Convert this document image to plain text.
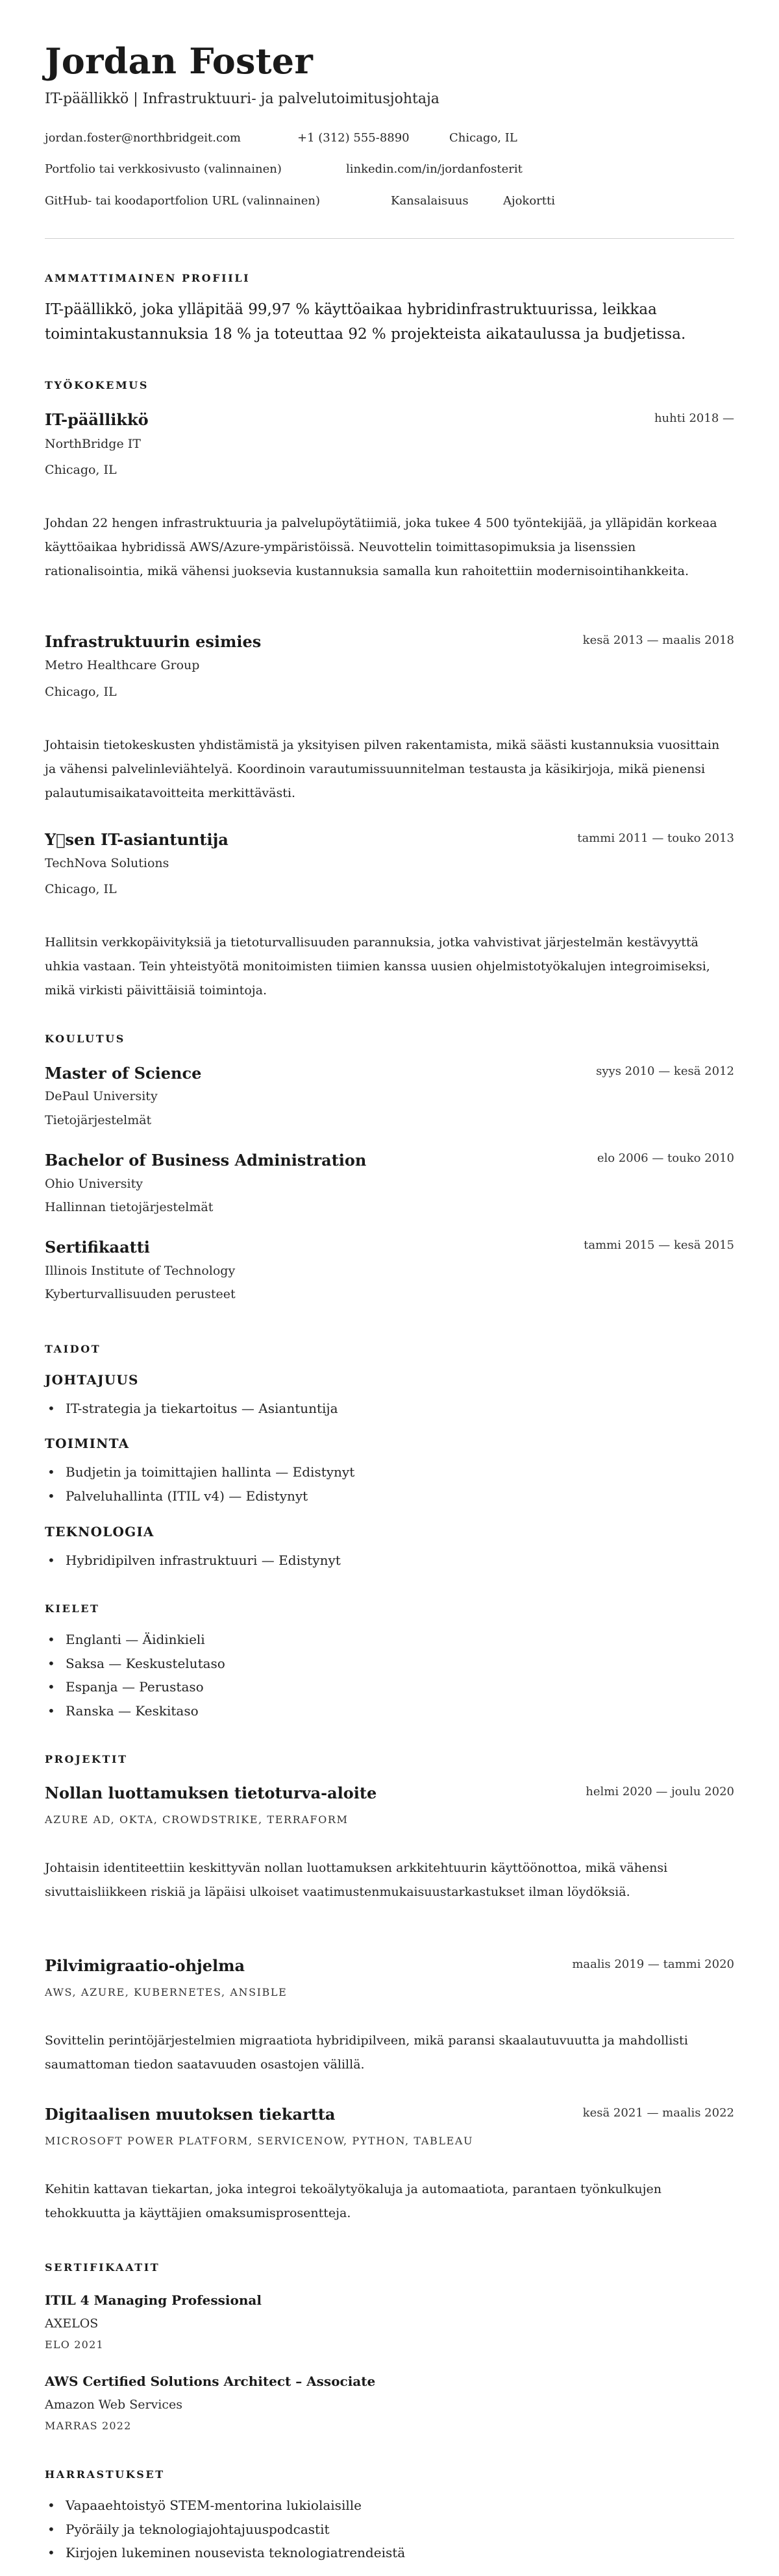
Jordan Foster
IT-päällikkö | Infrastruktuuri- ja palvelutoimitusjohtaja
jordan.foster@northbridgeit.com	+1 (312) 555-8890	Chicago, IL
Portfolio tai verkkosivusto (valinnainen)	linkedin.com/in/jordanfosterit
GitHub- tai koodaportfolion URL (valinnainen)	Kansalaisuus	Ajokortti
AMMATTIMAINEN PROFIILI
IT-päällikkö, joka ylläpitää 99,97 % käyttöaikaa hybridinfrastruktuurissa, leikkaa toimintakustannuksia 18 % ja toteuttaa 92 % projekteista aikataulussa ja budjetissa.
TYÖKOKEMUS
IT-päällikkö	huhti 2018 —
NorthBridge IT
Chicago, IL
Johdan 22 hengen infrastruktuuria ja palvelupöytätiimiä, joka tukee 4 500 työntekijää, ja ylläpidän korkeaa käyttöaikaa hybridissä AWS/Azure-ympäristöissä. Neuvottelin toimittasopimuksia ja lisenssien rationalisointia, mikä vähensi juoksevia kustannuksia samalla kun rahoitettiin modernisointihankkeita.
Infrastruktuurin esimies	kesä 2013 — maalis 2018
Metro Healthcare Group
Chicago, IL
Johtaisin tietokeskusten yhdistämistä ja yksityisen pilven rakentamista, mikä säästi kustannuksia vuosittain ja vähensi palvelinleviähtelyä. Koordinoin varautumissuunnitelman testausta ja käsikirjoja, mikä pienensi palautumisaikatavoitteita merkittävästi.
Y sen IT-asiantuntija	tammi 2011 — touko 2013
TechNova Solutions
Chicago, IL
Hallitsin verkkopäivityksiä ja tietoturvallisuuden parannuksia, jotka vahvistivat järjestelmän kestävyyttä uhkia vastaan. Tein yhteistyötä monitoimisten tiimien kanssa uusien ohjelmistotyökalujen integroimiseksi, mikä virkisti päivittäisiä toimintoja.
KOULUTUS
Master of Science	syys 2010 — kesä 2012
DePaul University
Tietojärjestelmät
Bachelor of Business Administration	elo 2006 — touko 2010
Ohio University
Hallinnan tietojärjestelmät
Sertifikaatti	tammi 2015 — kesä 2015
Illinois Institute of Technology
Kyberturvallisuuden perusteet
TAIDOT
JOHTAJUUS
• IT-strategia ja tiekartoitus — Asiantuntija
TOIMINTA
• Budjetin ja toimittajien hallinta — Edistynyt
• Palveluhallinta (ITIL v4) — Edistynyt
TEKNOLOGIA
• Hybridipilven infrastruktuuri — Edistynyt
KIELET
• Englanti — Äidinkieli
• Saksa — Keskustelutaso
• Espanja — Perustaso
• Ranska — Keskitaso
PROJEKTIT
Nollan luottamuksen tietoturva-aloite	helmi 2020 — joulu 2020
AZURE AD, OKTA, CROWDSTRIKE, TERRAFORM
Johtaisin identiteettiin keskittyvän nollan luottamuksen arkkitehtuurin käyttöönottoa, mikä vähensi sivuttaisliikkeen riskiä ja läpäisi ulkoiset vaatimustenmukaisuustarkastukset ilman löydöksiä.
Pilvimigraatio-ohjelma	maalis 2019 — tammi 2020
AWS, AZURE, KUBERNETES, ANSIBLE
Sovittelin perintöjärjestelmien migraatiota hybridipilveen, mikä paransi skaalautuvuutta ja mahdollisti saumattoman tiedon saatavuuden osastojen välillä.
Digitaalisen muutoksen tiekartta	kesä 2021 — maalis 2022
MICROSOFT POWER PLATFORM, SERVICENOW, PYTHON, TABLEAU
Kehitin kattavan tiekartan, joka integroi tekoälytyökaluja ja automaatiota, parantaen työnkulkujen tehokkuutta ja käyttäjien omaksumisprosentteja.
SERTIFIKAATIT
ITIL 4 Managing Professional
AXELOS
ELO 2021
AWS Certified Solutions Architect – Associate
Amazon Web Services
MARRAS 2022
HARRASTUKSET
• Vapaaehtoistyö STEM-mentorina lukiolaisille
• Pyöräily ja teknologiajohtajuuspodcastit
• Kirjojen lukeminen nousevista teknologiatrendeistä
